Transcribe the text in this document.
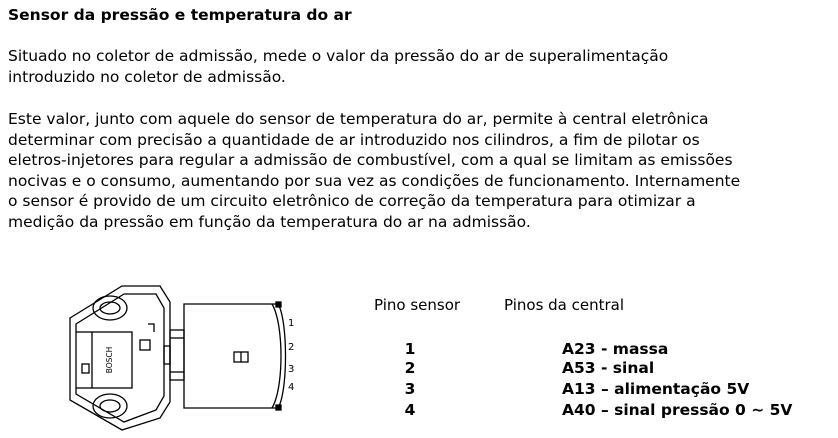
Sensor da pressão e temperatura do ar

Situado no coletor de admissão, mede o valor da pressão do ar de superalimentação
introduzido no coletor de admissão.

Este valor, junto com aquele do sensor de temperatura do ar, permite à central eletrônica
determinar com precisão a quantidade de ar introduzido nos cilindros, a fim de pilotar os
eletros-injetores para regular a admissão de combustível, com a qual se limitam as emissões
nocivas e o consumo, aumentando por sua vez as condições de funcionamento. Internamente
o sensor é provido de um circuito eletrônico de correção da temperatura para otimizar a
medição da pressão em função da temperatura do ar na admissão.

BOSCH
1
2
3
4
Pino sensor	Pinos da central
1	A23 - massa
2	A53 - sinal
3	A13 – alimentação 5V
4	A40 – sinal pressão 0 ~ 5V
